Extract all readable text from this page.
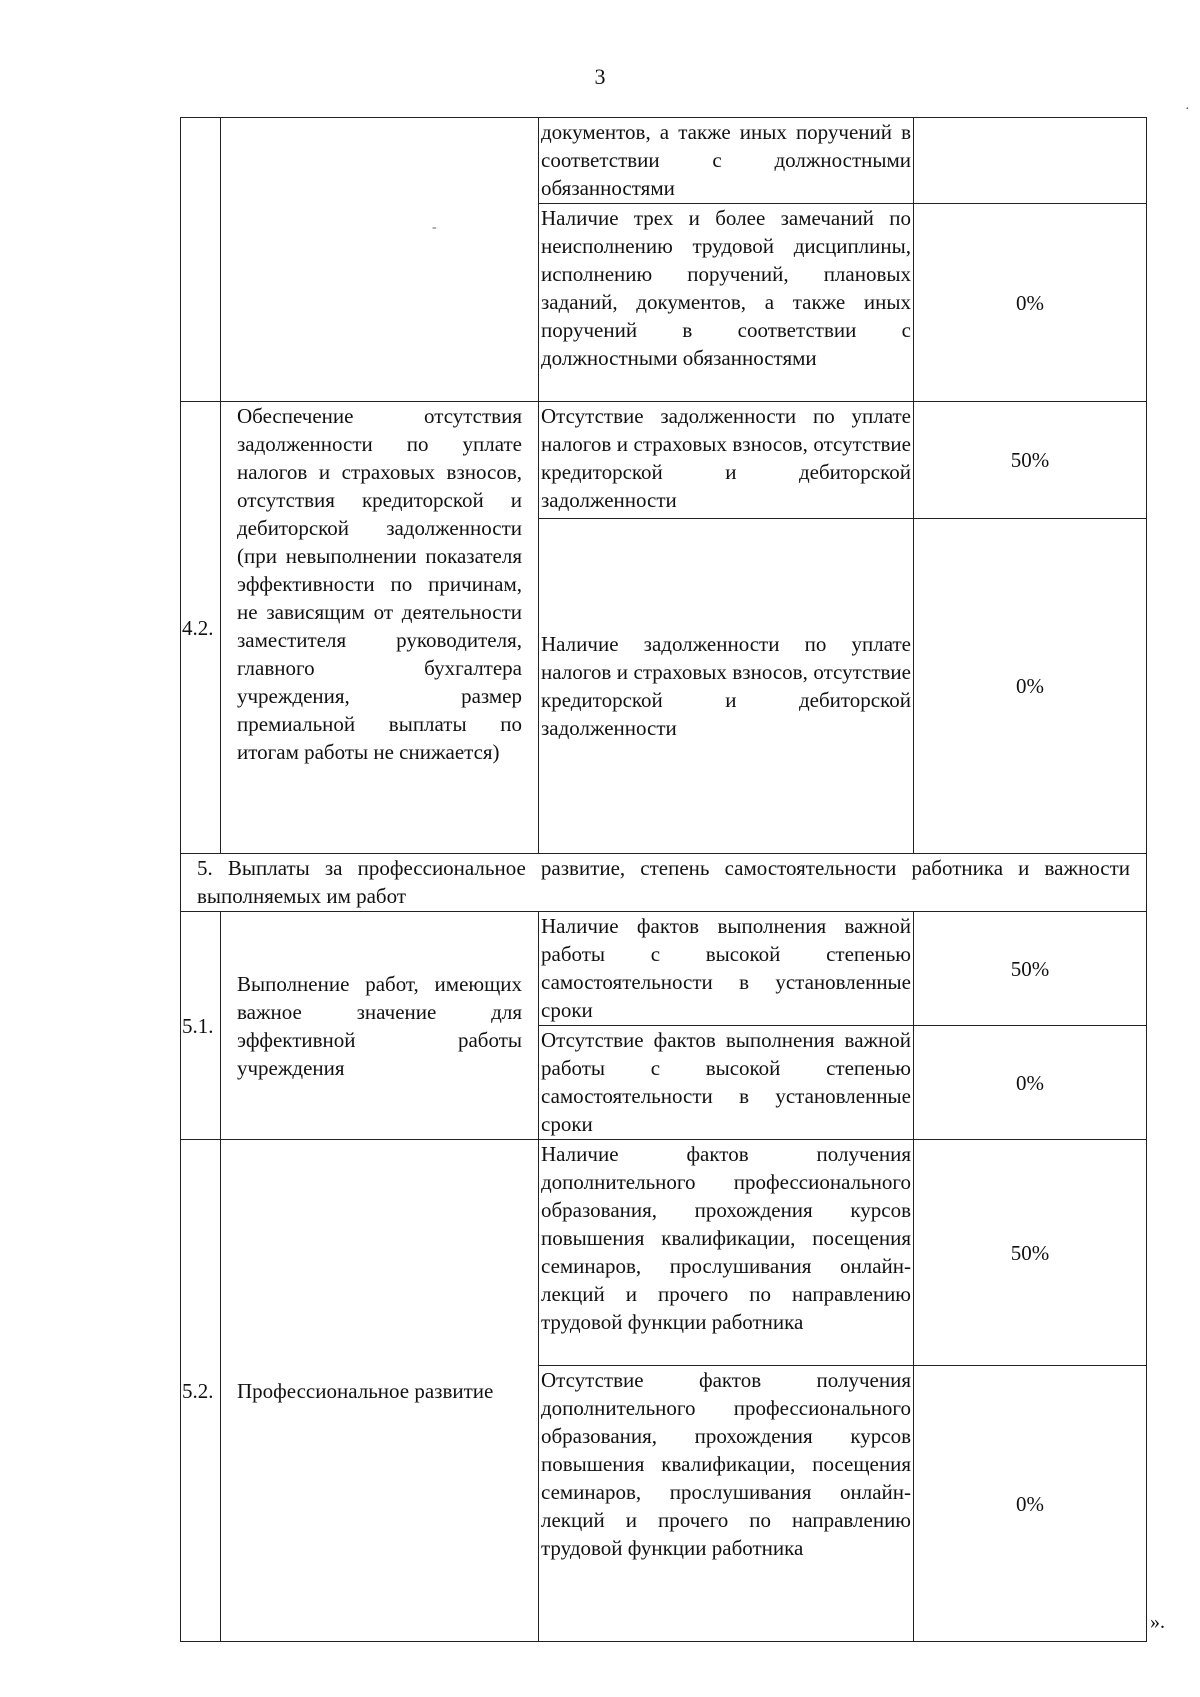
3
·
-
		документов, а также иных поручений в соответствии с должностными обязанностями	
		Наличие трех и более замечаний по неисполнению трудовой дисциплины, исполнению поручений, плановых заданий, документов, а также иных поручений в соответствии с должностными обязанностями	0%
4.2.	Обеспечение отсутствия задолженности по уплате налогов и страховых взносов, отсутствия кредиторской и дебиторской задолженности (при невыполнении показателя эффективности по причинам, не зависящим от деятельности заместителя руководителя, главного бухгалтера учреждения, размер премиальной выплаты по итогам работы не снижается)	Отсутствие задолженности по уплате налогов и страховых взносов, отсутствие кредиторской и дебиторской задолженности	50%
		Наличие задолженности по уплате налогов и страховых взносов, отсутствие кредиторской и дебиторской задолженности	0%
5. Выплаты за профессиональное развитие, степень самостоятельности работника и важности выполняемых им работ			
5.1.	Выполнение работ, имеющих важное значение для эффективной работы учреждения	Наличие фактов выполнения важной работы с высокой степенью самостоятельности в установленные сроки	50%
		Отсутствие фактов выполнения важной работы с высокой степенью самостоятельности в установленные сроки	0%
5.2.	Профессиональное развитие	Наличие фактов получения дополнительного профессионального образования, прохождения курсов повышения квалификации, посещения семинаров, прослушивания онлайн-лекций и прочего по направлению трудовой функции работника	50%
		Отсутствие фактов получения дополнительного профессионального образования, прохождения курсов повышения квалификации, посещения семинаров, прослушивания онлайн-лекций и прочего по направлению трудовой функции работника	0%
».
